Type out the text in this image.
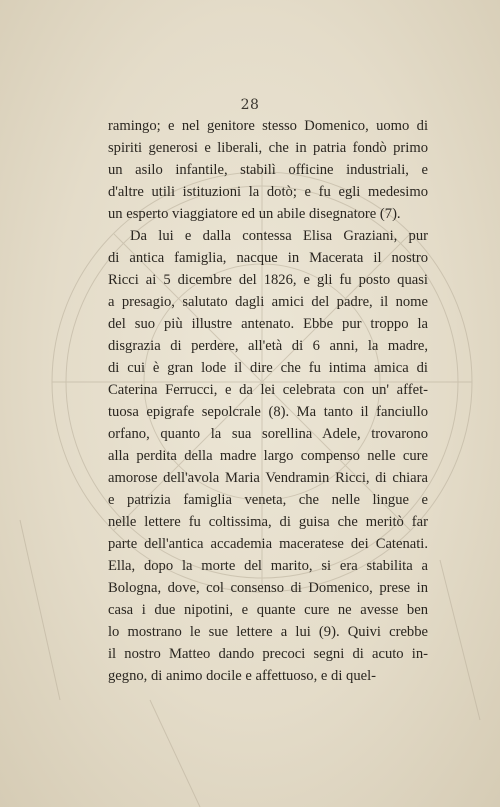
28
ramingo; e nel genitore stesso Domenico, uomo di
spiriti generosi e liberali, che in patria fondò primo
un asilo infantile, stabilì officine industriali, e
d'altre utili istituzioni la dotò; e fu egli medesimo
un esperto viaggiatore ed un abile disegnatore (7).
Da lui e dalla contessa Elisa Graziani, pur
di antica famiglia, nacque in Macerata il nostro
Ricci ai 5 dicembre del 1826, e gli fu posto quasi
a presagio, salutato dagli amici del padre, il nome
del suo più illustre antenato. Ebbe pur troppo la
disgrazia di perdere, all'età di 6 anni, la madre,
di cui è gran lode il dire che fu intima amica di
Caterina Ferrucci, e da lei celebrata con un' affet-
tuosa epigrafe sepolcrale (8). Ma tanto il fanciullo
orfano, quanto la sua sorellina Adele, trovarono
alla perdita della madre largo compenso nelle cure
amorose dell'avola Maria Vendramin Ricci, di chiara
e patrizia famiglia veneta, che nelle lingue e
nelle lettere fu coltissima, di guisa che meritò far
parte dell'antica accademia maceratese dei Catenati.
Ella, dopo la morte del marito, si era stabilita a
Bologna, dove, col consenso di Domenico, prese in
casa i due nipotini, e quante cure ne avesse ben
lo mostrano le sue lettere a lui (9). Quivi crebbe
il nostro Matteo dando precoci segni di acuto in-
gegno, di animo docile e affettuoso, e di quel-
